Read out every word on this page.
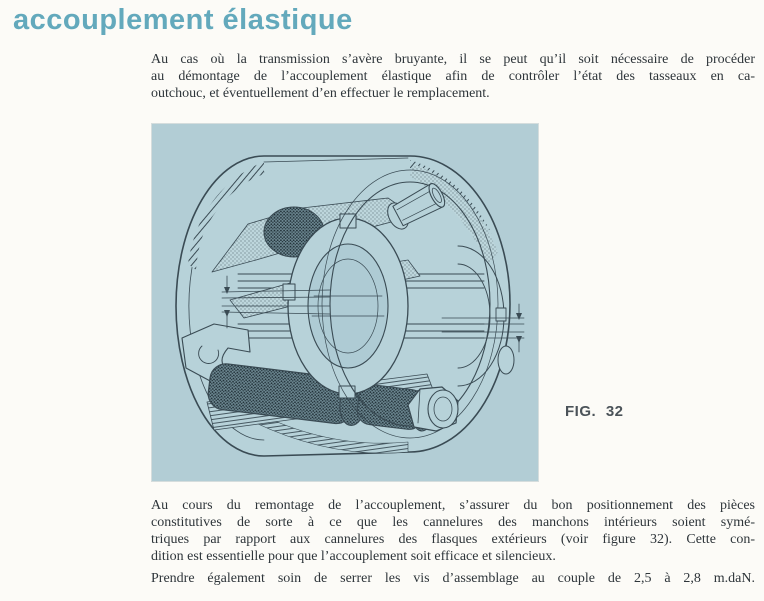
accouplement élastique
Au cas où la transmission s’avère bruyante, il se peut qu’il soit nécessaire de procéder
au démontage de l’accouplement élastique afin de contrôler l’état des tasseaux en ca-
outchouc, et éventuellement d’en effectuer le remplacement.
FIG. 32
Au cours du remontage de l’accouplement, s’assurer du bon positionnement des pièces
constitutives de sorte à ce que les cannelures des manchons intérieurs soient symé-
triques par rapport aux cannelures des flasques extérieurs (voir figure 32). Cette con-
dition est essentielle pour que l’accouplement soit efficace et silencieux.
Prendre également soin de serrer les vis d’assemblage au couple de 2,5 à 2,8 m.daN.
